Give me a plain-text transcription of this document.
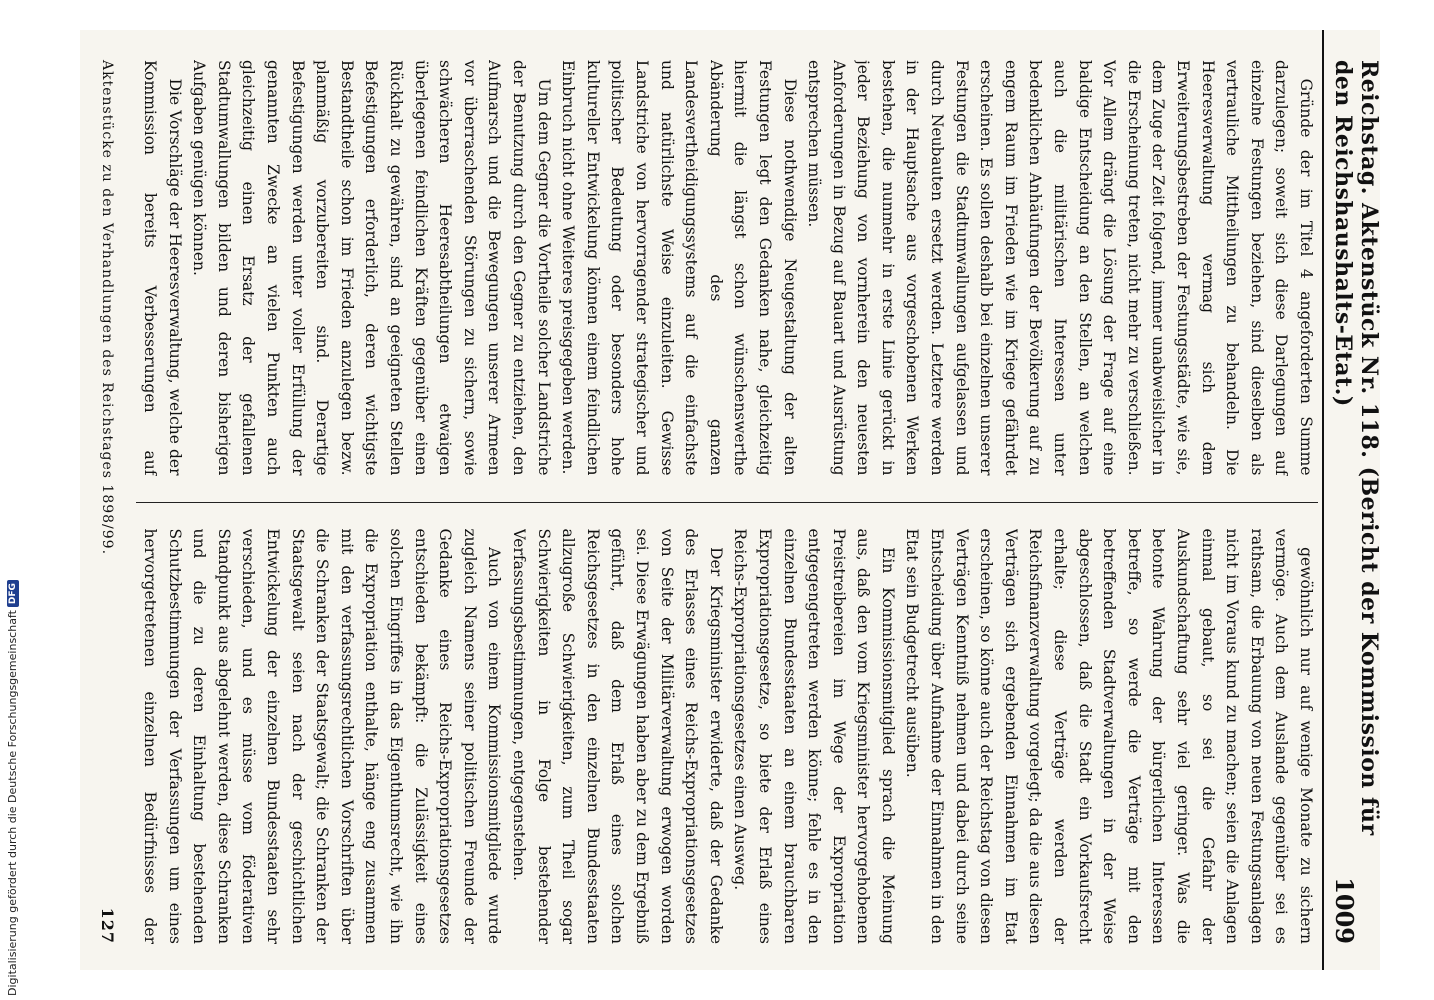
Digitalisierung gefördert durch die Deutsche Forschungsgemeinschaft
DFG	Reichstag. Aktenstück Nr. 118. (Bericht der Kommission für den Reichshaushalts-Etat.)
1009

Gründe der im Titel 4 angeforderten Summe darzulegen; soweit sich diese Darlegungen auf einzelne Festungen beziehen, sind dieselben als vertrauliche Mittheilungen zu behandeln. Die Heeresverwaltung vermag sich dem Erweiterungsbestreben der Festungsstädte, wie sie, dem Zuge der Zeit folgend, immer unabweislicher in die Erscheinung treten, nicht mehr zu verschließen. Vor Allem drängt die Lösung der Frage auf eine baldige Entscheidung an den Stellen, an welchen auch die militärischen Interessen unter bedenklichen Anhäufungen der Bevölkerung auf zu engem Raum im Frieden wie im Kriege gefährdet erscheinen. Es sollen deshalb bei einzelnen unserer Festungen die Stadtumwallungen aufgelassen und durch Neubauten ersetzt werden. Letztere werden in der Hauptsache aus vorgeschobenen Werken bestehen, die nunmehr in erste Linie gerückt in jeder Beziehung von vornherein den neuesten Anforderungen in Bezug auf Bauart und Ausrüstung entsprechen müssen.

Diese nothwendige Neugestaltung der alten Festungen legt den Gedanken nahe, gleichzeitig hiermit die längst schon wünschenswerthe Abänderung des ganzen Landesvertheidigungssystems auf die einfachste und natürlichste Weise einzuleiten. Gewisse Landstriche von hervorragender strategischer und politischer Bedeutung oder besonders hohe kultureller Entwickelung können einem feindlichen Einbruch nicht ohne Weiteres preisgegeben werden.

Um dem Gegner die Vortheile solcher Landstriche der Benutzung durch den Gegner zu entziehen, den Aufmarsch und die Bewegungen unserer Armeen vor überraschenden Störungen zu sichern, sowie schwächeren Heeresabtheilungen etwaigen überlegenen feindlichen Kräften gegenüber einen Rückhalt zu gewähren, sind an geeigneten Stellen Befestigungen erforderlich, deren wichtigste Bestandtheile schon im Frieden anzulegen bezw. planmäßig vorzubereiten sind. Derartige Befestigungen werden unter voller Erfüllung der genannten Zwecke an vielen Punkten auch gleichzeitig einen Ersatz der gefallenen Stadtumwallungen bilden und deren bisherigen Aufgaben genügen können.

Die Vorschläge der Heeresverwaltung, welche der Kommission bereits Verbesserungen auf

gewöhnlich nur auf wenige Monate zu sichern vermöge. Auch dem Auslande gegenüber sei es rathsam, die Erbauung von neuen Festungsanlagen nicht im Voraus kund zu machen; seien die Anlagen einmal gebaut, so sei die Gefahr der Auskundschaftung sehr viel geringer. Was die betonte Wahrung der bürgerlichen Interessen betreffe, so werde die Verträge mit den betreffenden Stadtverwaltungen in der Weise abgeschlossen, daß die Stadt ein Vorkaufsrecht erhalte; diese Verträge werden der Reichsfinanzverwaltung vorgelegt; da die aus diesen Verträgen sich ergebenden Einnahmen im Etat erscheinen, so könne auch der Reichstag von diesen Verträgen Kenntniß nehmen und dabei durch seine Entscheidung über Aufnahme der Einnahmen in den Etat sein Budgetrecht ausüben.

Ein Kommissionsmitglied sprach die Meinung aus, daß den vom Kriegsminister hervorgehobenen Preistreibereien im Wege der Expropriation entgegengetreten werden könne; fehle es in den einzelnen Bundesstaaten an einem brauchbaren Expropriationsgesetze, so biete der Erlaß eines Reichs-Expropriationsgesetzes einen Ausweg.

Der Kriegsminister erwiderte, daß der Gedanke des Erlasses eines Reichs-Expropriationsgesetzes von Seite der Militärverwaltung erwogen worden sei. Diese Erwägungen haben aber zu dem Ergebniß geführt, daß dem Erlaß eines solchen Reichsgesetzes in den einzelnen Bundesstaaten allzugroße Schwierigkeiten, zum Theil sogar Schwierigkeiten in Folge bestehender Verfassungsbestimmungen, entgegenstehen.

Auch von einem Kommissionsmitgliede wurde zugleich Namens seiner politischen Freunde der Gedanke eines Reichs-Expropriationsgesetzes entschieden bekämpft: die Zulässigkeit eines solchen Eingriffes in das Eigenthumsrecht, wie ihn die Expropriation enthalte, hänge eng zusammen mit den verfassungsrechtlichen Vorschriften über die Schranken der Staatsgewalt; die Schranken der Staatsgewalt seien nach der geschichtlichen Entwickelung der einzelnen Bundesstaaten sehr verschieden, und es müsse vom föderativen Standpunkt aus abgelehnt werden, diese Schranken und die zu deren Einhaltung bestehenden Schutzbestimmungen der Verfassungen um eines hervorgetretenen einzelnen Bedürfnisses der

Aktenstücke zu den Verhandlungen des Reichstages 1898/99.
127
